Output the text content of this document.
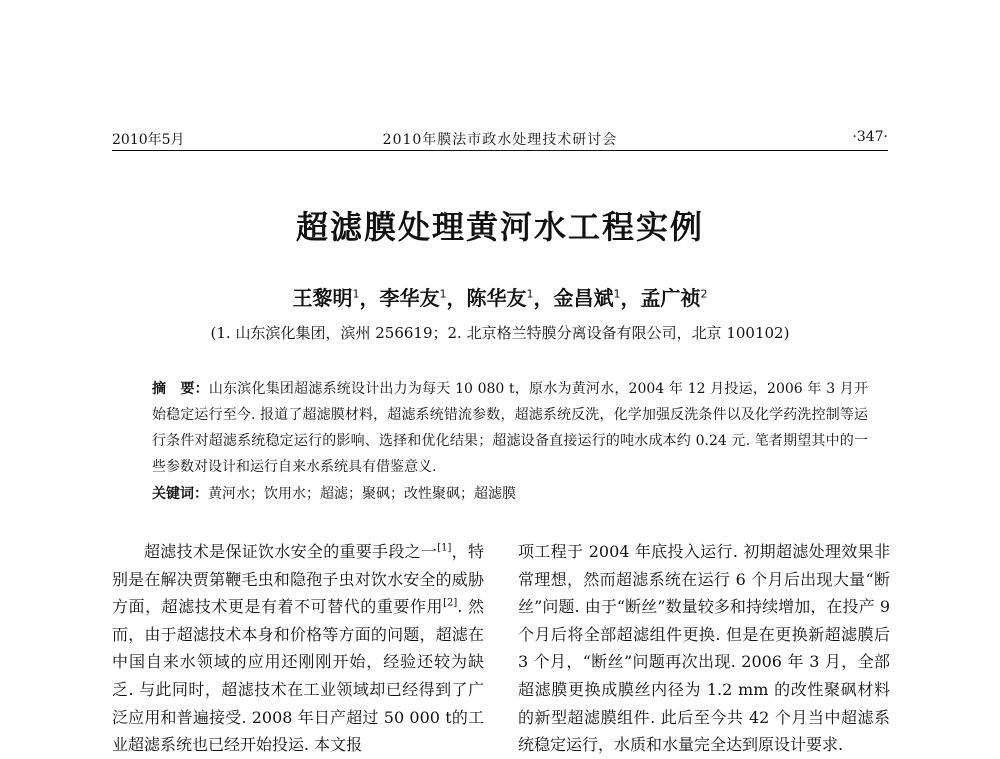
2010年5月	2010年膜法市政水处理技术研讨会	·347·
超滤膜处理黄河水工程实例
王黎明$^1$，李华友$^1$，陈华友$^1$，金昌斌$^1$，孟广祯$^2$
(1. 山东滨化集团，滨州 256619；2. 北京格兰特膜分离设备有限公司，北京 100102)
摘　要：山东滨化集团超滤系统设计出力为每天 10 080 t，原水为黄河水，2004 年 12 月投运，2006 年 3 月开始稳定运行至今. 报道了超滤膜材料，超滤系统错流参数，超滤系统反洗，化学加强反洗条件以及化学药洗控制等运行条件对超滤系统稳定运行的影响、选择和优化结果；超滤设备直接运行的吨水成本约 0.24 元. 笔者期望其中的一些参数对设计和运行自来水系统具有借鉴意义.
关键词：黄河水；饮用水；超滤；聚砜；改性聚砜；超滤膜

超滤技术是保证饮水安全的重要手段之一[1]，特别是在解决贾第鞭毛虫和隐孢子虫对饮水安全的威胁方面，超滤技术更是有着不可替代的重要作用[2]. 然而，由于超滤技术本身和价格等方面的问题，超滤在中国自来水领域的应用还刚刚开始，经验还较为缺乏. 与此同时，超滤技术在工业领域却已经得到了广泛应用和普遍接受. 2008 年日产超过 50 000 t的工业超滤系统也已经开始投运. 本文报

项工程于 2004 年底投入运行. 初期超滤处理效果非常理想，然而超滤系统在运行 6 个月后出现大量“断丝”问题. 由于“断丝”数量较多和持续增加，在投产 9 个月后将全部超滤组件更换. 但是在更换新超滤膜后 3 个月，“断丝”问题再次出现. 2006 年 3 月，全部超滤膜更换成膜丝内径为 1.2 mm 的改性聚砜材料的新型超滤膜组件. 此后至今共 42 个月当中超滤系统稳定运行，水质和水量完全达到原设计要求.
